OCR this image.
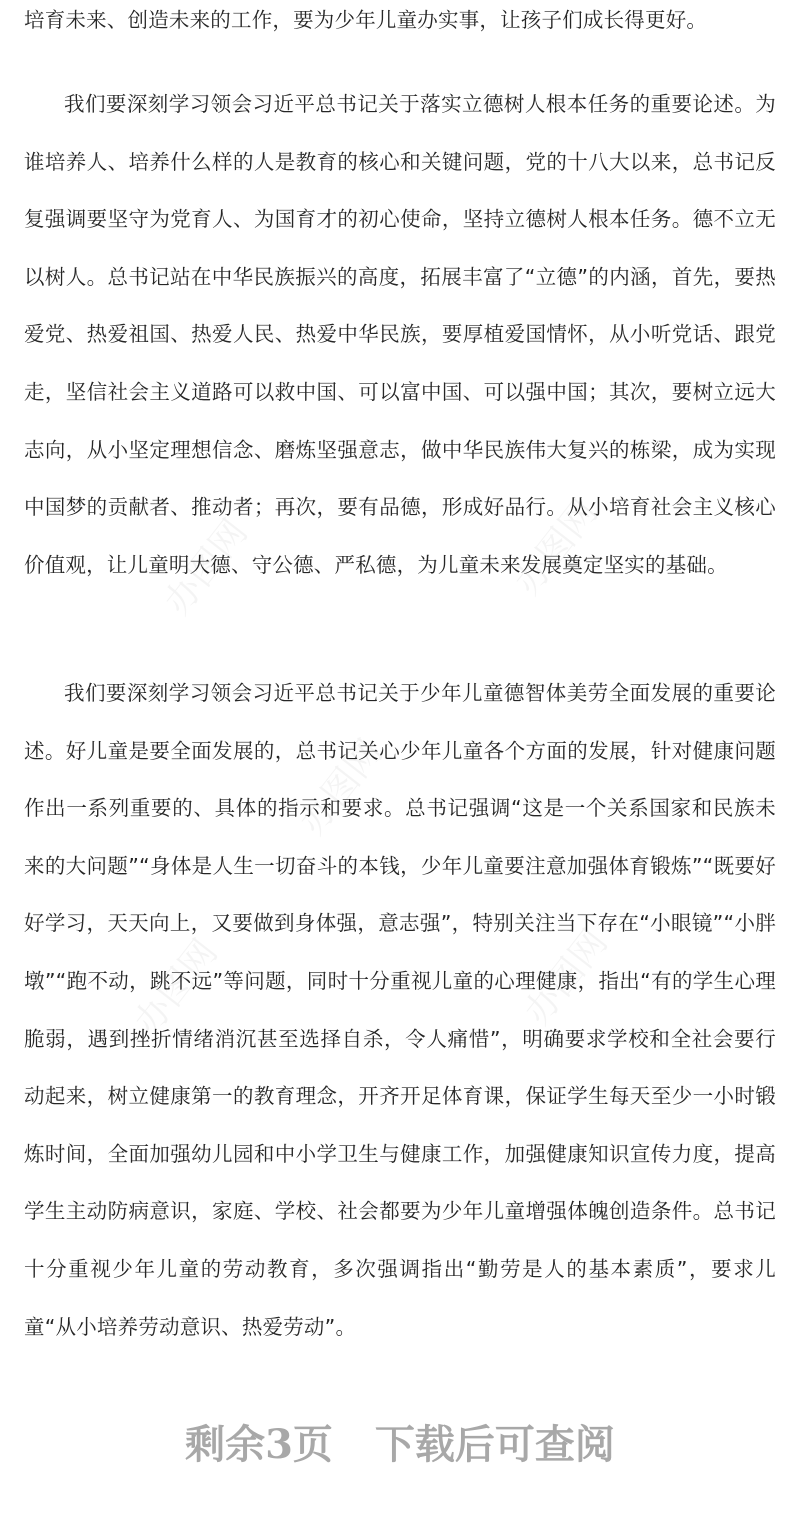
培育未来、创造未来的工作，要为少年儿童办实事，让孩子们成长得更好。

我们要深刻学习领会习近平总书记关于落实立德树人根本任务的重要论述。为谁培养人、培养什么样的人是教育的核心和关键问题，党的十八大以来，总书记反复强调要坚守为党育人、为国育才的初心使命，坚持立德树人根本任务。德不立无以树人。总书记站在中华民族振兴的高度，拓展丰富了“立德”的内涵，首先，要热爱党、热爱祖国、热爱人民、热爱中华民族，要厚植爱国情怀，从小听党话、跟党走，坚信社会主义道路可以救中国、可以富中国、可以强中国；其次，要树立远大志向，从小坚定理想信念、磨炼坚强意志，做中华民族伟大复兴的栋梁，成为实现中国梦的贡献者、推动者；再次，要有品德，形成好品行。从小培育社会主义核心价值观，让儿童明大德、守公德、严私德，为儿童未来发展奠定坚实的基础。

我们要深刻学习领会习近平总书记关于少年儿童德智体美劳全面发展的重要论述。好儿童是要全面发展的，总书记关心少年儿童各个方面的发展，针对健康问题作出一系列重要的、具体的指示和要求。总书记强调“这是一个关系国家和民族未来的大问题”“身体是人生一切奋斗的本钱，少年儿童要注意加强体育锻炼”“既要好好学习，天天向上，又要做到身体强，意志强”，特别关注当下存在“小眼镜”“小胖墩”“跑不动，跳不远”等问题，同时十分重视儿童的心理健康，指出“有的学生心理脆弱，遇到挫折情绪消沉甚至选择自杀，令人痛惜”，明确要求学校和全社会要行动起来，树立健康第一的教育理念，开齐开足体育课，保证学生每天至少一小时锻炼时间，全面加强幼儿园和中小学卫生与健康工作，加强健康知识宣传力度，提高学生主动防病意识，家庭、学校、社会都要为少年儿童增强体魄创造条件。总书记十分重视少年儿童的劳动教育，多次强调指出“勤劳是人的基本素质”，要求儿童“从小培养劳动意识、热爱劳动”。

剩余3页 下载后可查阅
